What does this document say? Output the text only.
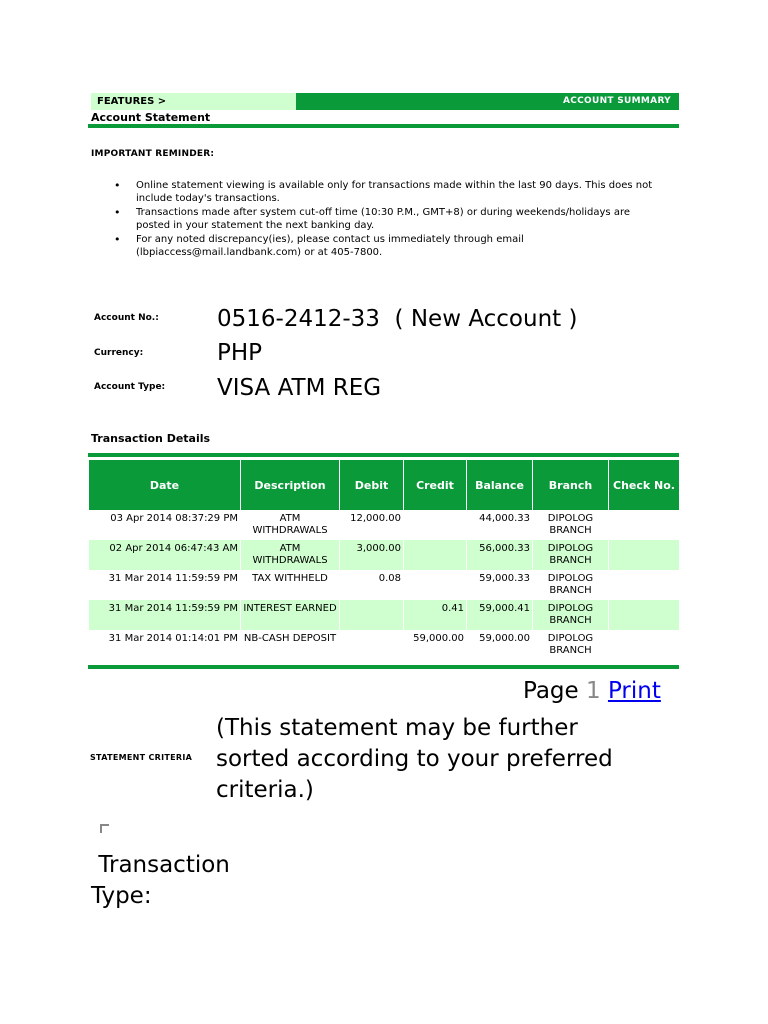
FEATURES >	ACCOUNT SUMMARY
Account Statement
IMPORTANT REMINDER:
• Online statement viewing is available only for transactions made within the last 90 days. This does not include today's transactions.
• Transactions made after system cut-off time (10:30 P.M., GMT+8) or during weekends/holidays are posted in your statement the next banking day.
• For any noted discrepancy(ies), please contact us immediately through email (lbpiaccess@mail.landbank.com) or at 405-7800.
Account No.:	0516-2412-33  ( New Account )
Currency:	PHP
Account Type: VISA ATM REG
Transaction Details
Date	Description	Debit	Credit	Balance	Branch	Check No.
03 Apr 2014 08:37:29 PM	ATM WITHDRAWALS	12,000.00		44,000.33	DIPOLOG BRANCH	
02 Apr 2014 06:47:43 AM	ATM WITHDRAWALS	3,000.00		56,000.33	DIPOLOG BRANCH	
31 Mar 2014 11:59:59 PM	TAX WITHHELD	0.08		59,000.33	DIPOLOG BRANCH	
31 Mar 2014 11:59:59 PM	INTEREST EARNED		0.41	59,000.41	DIPOLOG BRANCH	
31 Mar 2014 01:14:01 PM	NB-CASH DEPOSIT		59,000.00	59,000.00	DIPOLOG BRANCH	
Page 1 Print
STATEMENT CRITERIA
(This statement may be further sorted according to your preferred criteria.)
Transaction Type:
